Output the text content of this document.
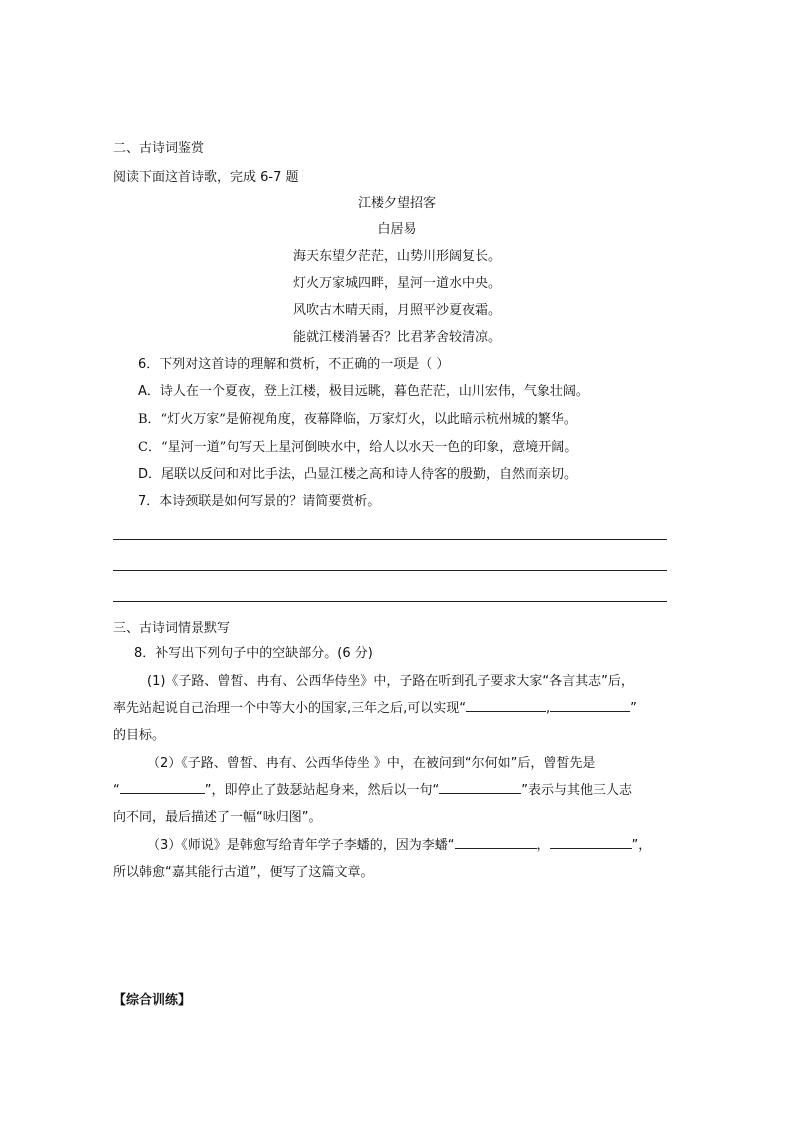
二、古诗词鉴赏
阅读下面这首诗歌，完成 6-7 题
江楼夕望招客
白居易
海天东望夕茫茫，山势川形阔复长。
灯火万家城四畔，星河一道水中央。
风吹古木晴天雨，月照平沙夏夜霜。
能就江楼消暑否？比君茅舍较清凉。
6．下列对这首诗的理解和赏析，不正确的一项是（ ）
A．诗人在一个夏夜，登上江楼，极目远眺，暮色茫茫，山川宏伟，气象壮阔。
B．“灯火万家”是俯视角度，夜幕降临，万家灯火，以此暗示杭州城的繁华。
C．“星河一道”句写天上星河倒映水中，给人以水天一色的印象，意境开阔。
D．尾联以反问和对比手法，凸显江楼之高和诗人待客的殷勤，自然而亲切。
7．本诗颈联是如何写景的？请简要赏析。
三、古诗词情景默写
8．补写出下列句子中的空缺部分。(6 分)
(1)《子路、曾皙、冉有、公西华侍坐》中，子路在听到孔子要求大家“各言其志”后，
率先站起说自己治理一个中等大小的国家,三年之后,可以实现“	,	”
的目标。
（2）《子路、曾皙、冉有、公西华侍坐 》中，在被问到“尔何如”后，曾皙先是
“	”，即停止了鼓瑟站起身来，然后以一句“	”表示与其他三人志
向不同，最后描述了一幅“咏归图”。
（3）《师说》是韩愈写给青年学子李蟠的，因为李蟠“	，	”，
所以韩愈“嘉其能行古道”，便写了这篇文章。
【综合训练】
